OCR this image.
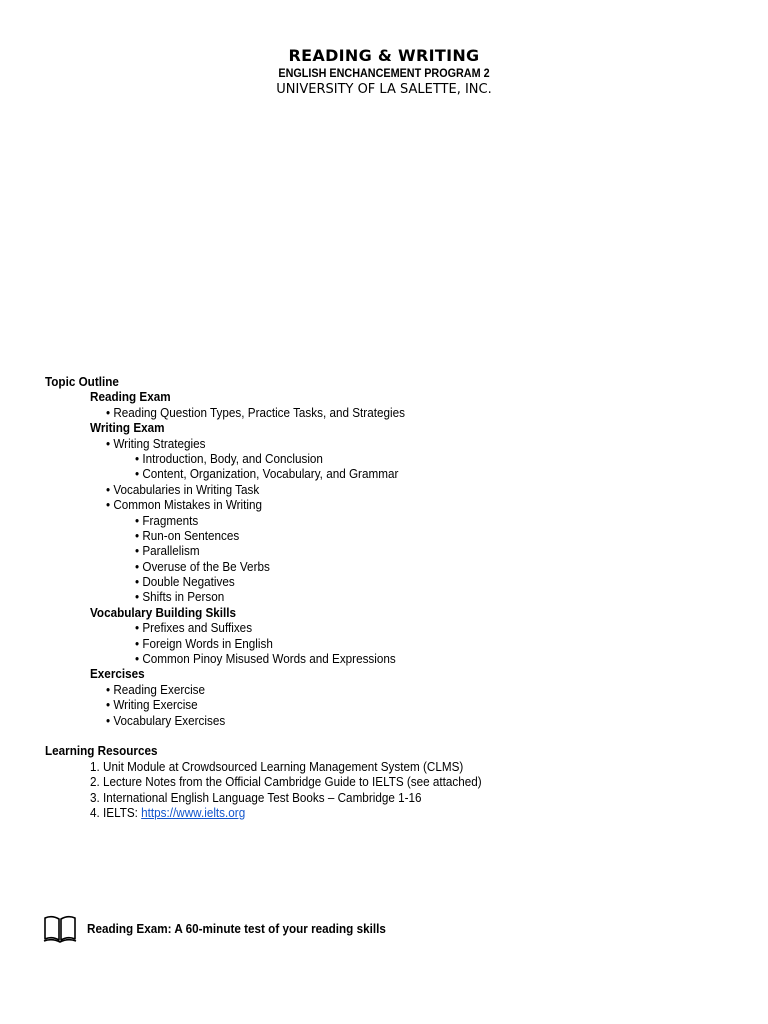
READING & WRITING
ENGLISH ENCHANCEMENT PROGRAM 2
UNIVERSITY OF LA SALETTE, INC.
Topic Outline
Reading Exam
• Reading Question Types, Practice Tasks, and Strategies
Writing Exam
• Writing Strategies
• Introduction, Body, and Conclusion
• Content, Organization, Vocabulary, and Grammar
• Vocabularies in Writing Task
• Common Mistakes in Writing
• Fragments
• Run-on Sentences
• Parallelism
• Overuse of the Be Verbs
• Double Negatives
• Shifts in Person
Vocabulary Building Skills
• Prefixes and Suffixes
• Foreign Words in English
• Common Pinoy Misused Words and Expressions
Exercises
• Reading Exercise
• Writing Exercise
• Vocabulary Exercises
Learning Resources
1. Unit Module at Crowdsourced Learning Management System (CLMS)
2. Lecture Notes from the Official Cambridge Guide to IELTS (see attached)
3. International English Language Test Books – Cambridge 1-16
4. IELTS: https://www.ielts.org
Reading Exam: A 60-minute test of your reading skills
